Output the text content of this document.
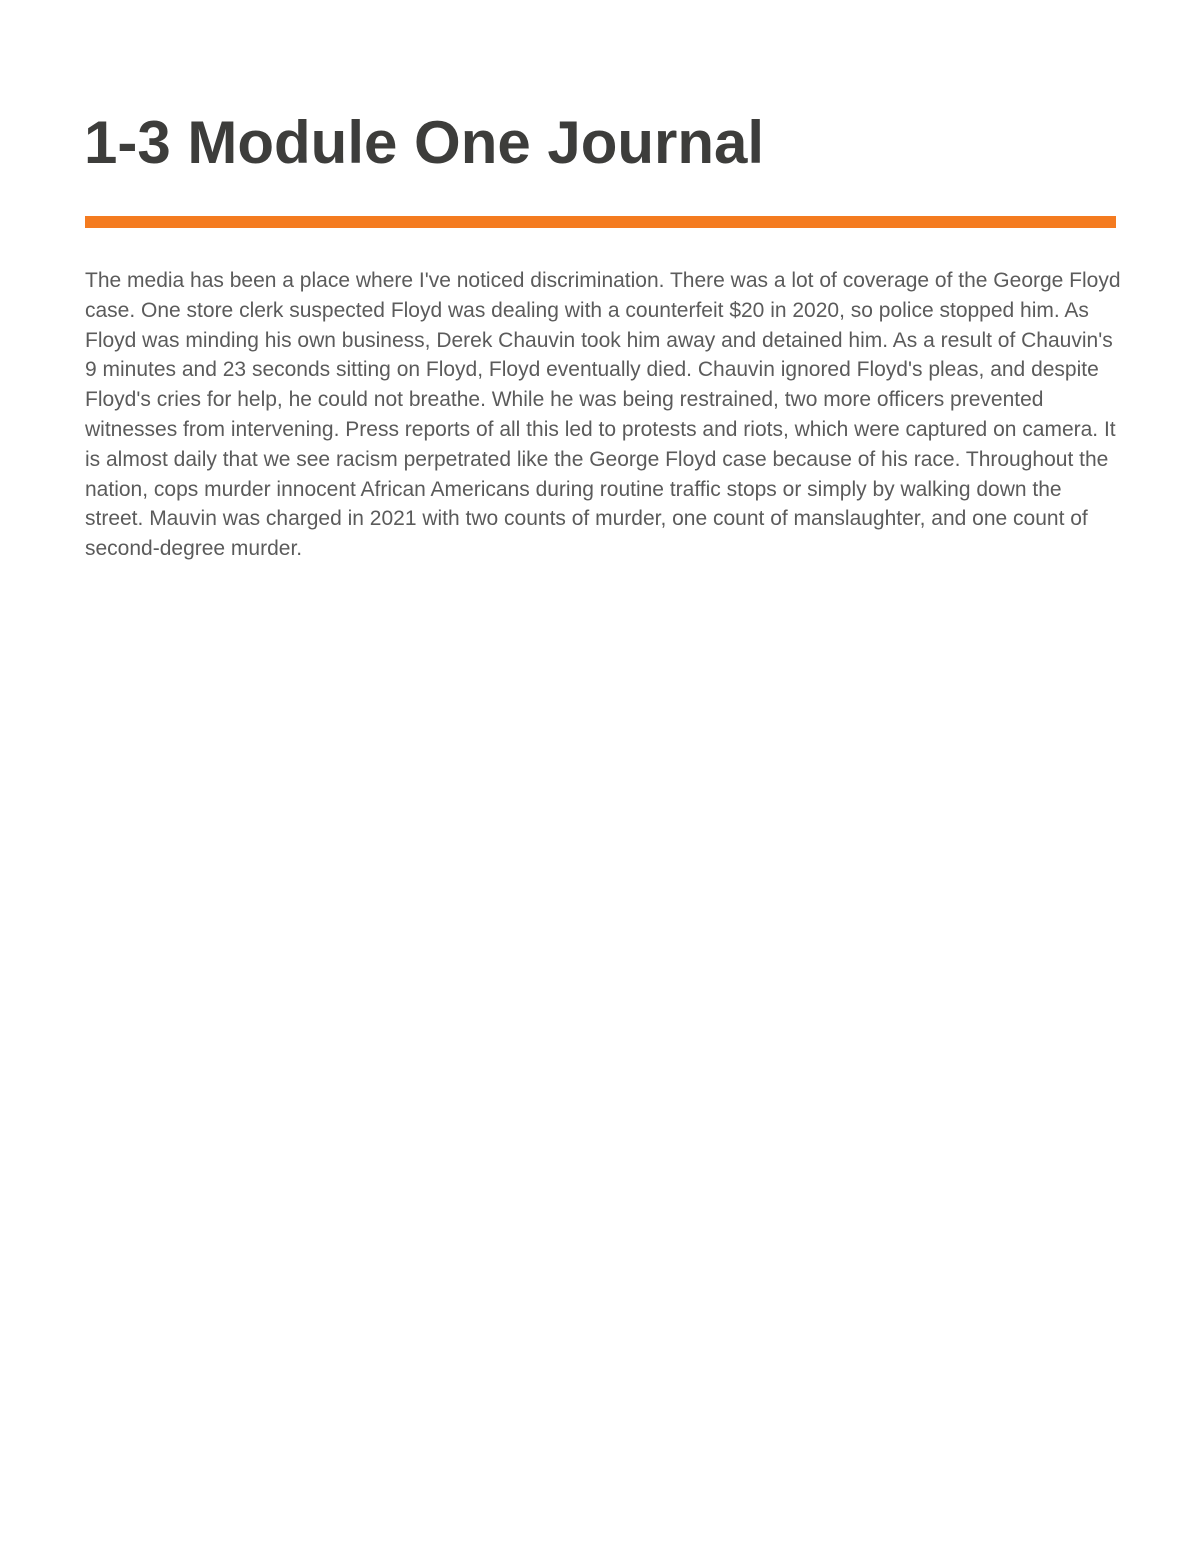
1-3 Module One Journal

The media has been a place where I've noticed discrimination. There was a lot of coverage of the George Floyd case. One store clerk suspected Floyd was dealing with a counterfeit $20 in 2020, so police stopped him. As Floyd was minding his own business, Derek Chauvin took him away and detained him. As a result of Chauvin's 9 minutes and 23 seconds sitting on Floyd, Floyd eventually died. Chauvin ignored Floyd's pleas, and despite Floyd's cries for help, he could not breathe. While he was being restrained, two more officers prevented witnesses from intervening. Press reports of all this led to protests and riots, which were captured on camera. It is almost daily that we see racism perpetrated like the George Floyd case because of his race. Throughout the nation, cops murder innocent African Americans during routine traffic stops or simply by walking down the street. Mauvin was charged in 2021 with two counts of murder, one count of manslaughter, and one count of second-degree murder.
